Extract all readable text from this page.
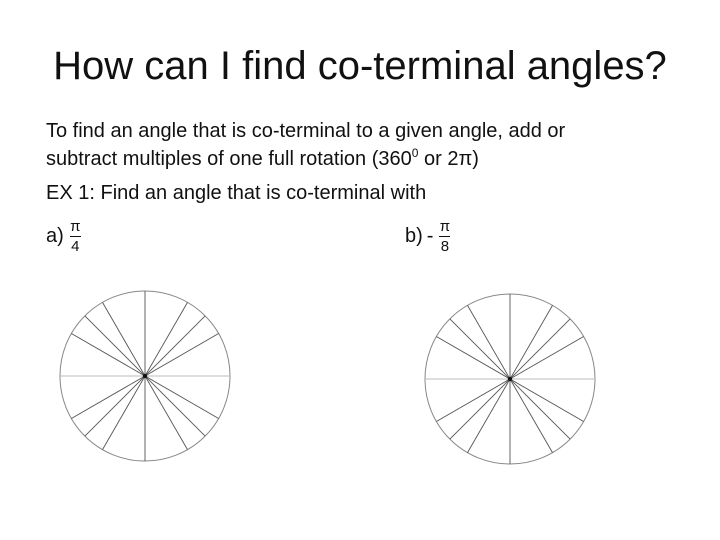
How can I find co-terminal angles?

To find an angle that is co-terminal to a given angle, add or

subtract multiples of one full rotation ($360^0$ or 2π)

EX 1: Find an angle that is co-terminal with

$a) \frac{\pi}{4}$	$b) - \frac{\pi}{8}$
